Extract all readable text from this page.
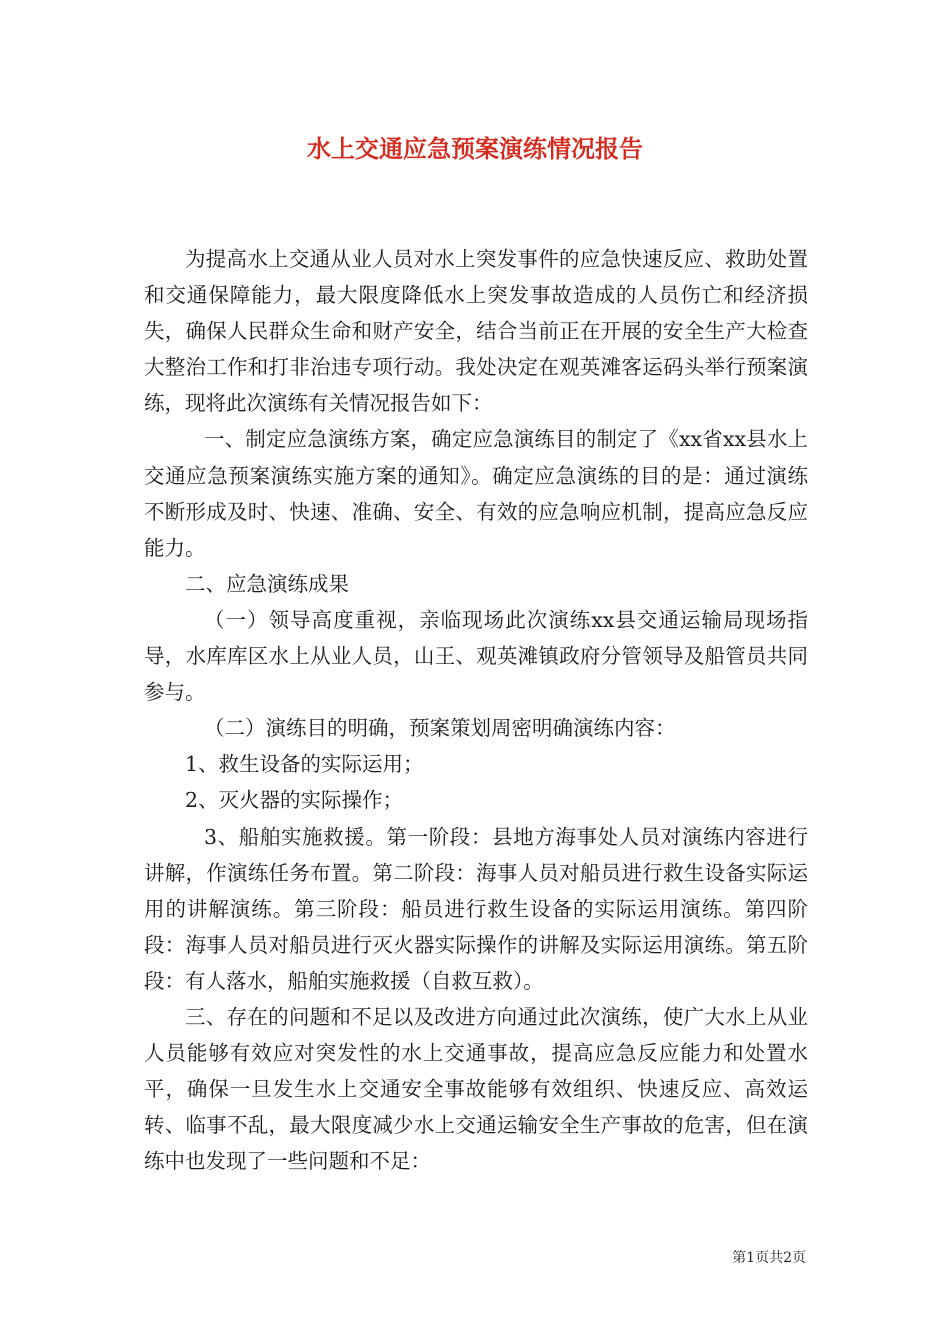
水上交通应急预案演练情况报告

为提高水上交通从业人员对水上突发事件的应急快速反应、救助处置和交通保障能力，最大限度降低水上突发事故造成的人员伤亡和经济损失，确保人民群众生命和财产安全，结合当前正在开展的安全生产大检查大整治工作和打非治违专项行动。我处决定在观英滩客运码头举行预案演练，现将此次演练有关情况报告如下：

一、制定应急演练方案，确定应急演练目的制定了《xx省xx县水上交通应急预案演练实施方案的通知》。确定应急演练的目的是：通过演练不断形成及时、快速、准确、安全、有效的应急响应机制，提高应急反应能力。

二、应急演练成果

（一）领导高度重视，亲临现场此次演练xx县交通运输局现场指导，水库库区水上从业人员，山王、观英滩镇政府分管领导及船管员共同参与。

（二）演练目的明确，预案策划周密明确演练内容：

1、救生设备的实际运用；

2、灭火器的实际操作；

3、船舶实施救援。第一阶段：县地方海事处人员对演练内容进行讲解，作演练任务布置。第二阶段：海事人员对船员进行救生设备实际运用的讲解演练。第三阶段：船员进行救生设备的实际运用演练。第四阶段：海事人员对船员进行灭火器实际操作的讲解及实际运用演练。第五阶段：有人落水，船舶实施救援（自救互救）。

三、存在的问题和不足以及改进方向通过此次演练，使广大水上从业人员能够有效应对突发性的水上交通事故，提高应急反应能力和处置水平，确保一旦发生水上交通安全事故能够有效组织、快速反应、高效运转、临事不乱，最大限度减少水上交通运输安全生产事故的危害，但在演练中也发现了一些问题和不足：

第1页共2页
